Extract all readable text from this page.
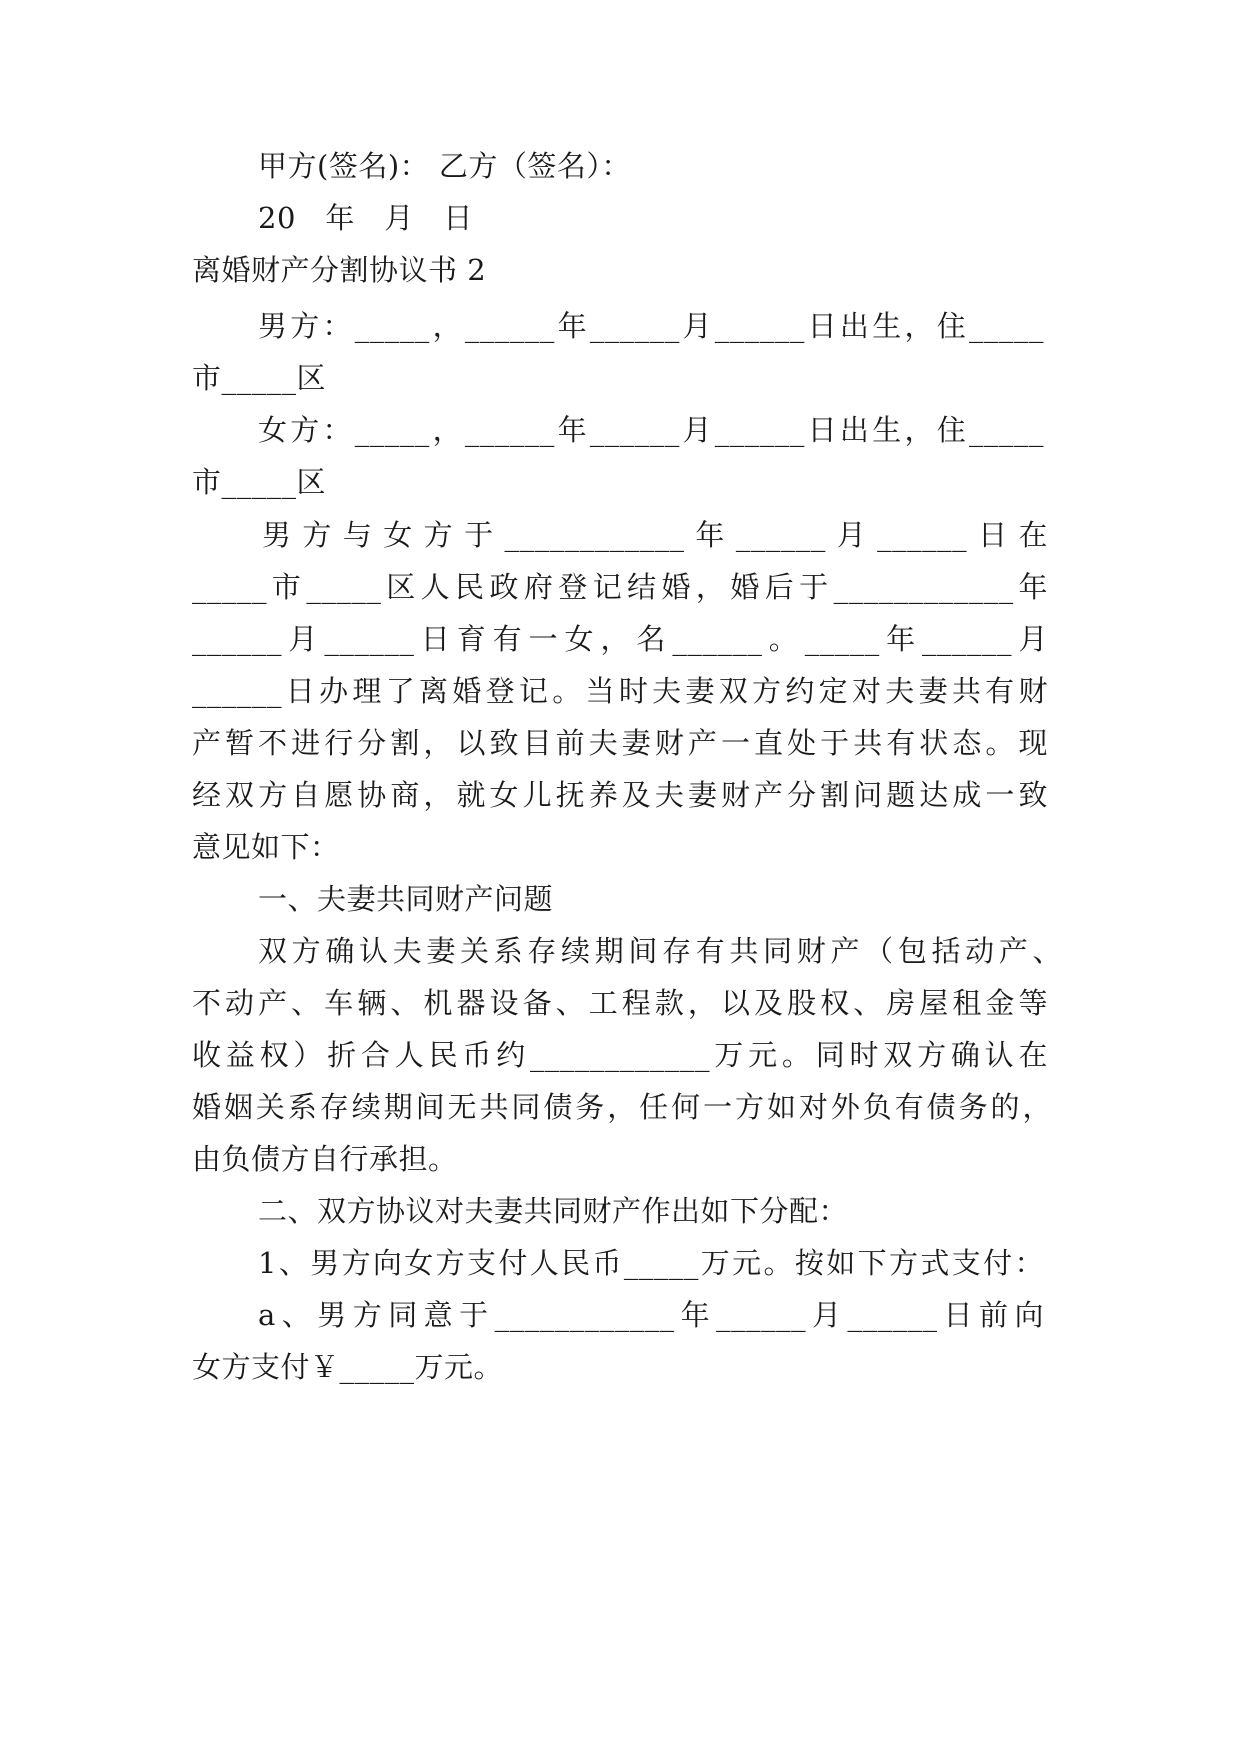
甲方(签名)： 乙方（签名）：
20　年　月　日
离婚财产分割协议书 2
男方：_____，______年______月______日出生，住_____
市_____区
女方：_____，______年______月______日出生，住_____
市_____区
男方与女方于____________年______月______日在
_____市_____区人民政府登记结婚，婚后于____________年
______月______日育有一女，名______。_____年______月
______日办理了离婚登记。当时夫妻双方约定对夫妻共有财
产暂不进行分割，以致目前夫妻财产一直处于共有状态。现
经双方自愿协商，就女儿抚养及夫妻财产分割问题达成一致
意见如下：
一、夫妻共同财产问题
双方确认夫妻关系存续期间存有共同财产（包括动产、
不动产、车辆、机器设备、工程款，以及股权、房屋租金等
收益权）折合人民币约____________万元。同时双方确认在
婚姻关系存续期间无共同债务，任何一方如对外负有债务的，
由负债方自行承担。
二、双方协议对夫妻共同财产作出如下分配：
1、男方向女方支付人民币_____万元。按如下方式支付：
a、男方同意于____________年______月______日前向
女方支付￥_____万元。
